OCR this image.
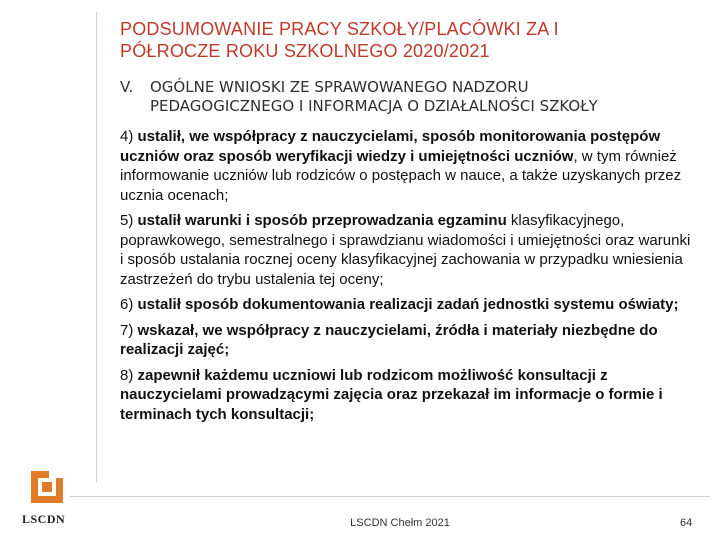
PODSUMOWANIE PRACY SZKOŁY/PLACÓWKI ZA I
PÓŁROCZE ROKU SZKOLNEGO 2020/2021
V.	OGÓLNE WNIOSKI ZE SPRAWOWANEGO NADZORU
PEDAGOGICZNEGO I INFORMACJA O DZIAŁALNOŚCI SZKOŁY
4) ustalił, we współpracy z nauczycielami, sposób monitorowania postępów uczniów oraz sposób weryfikacji wiedzy i umiejętności uczniów, w tym również informowanie uczniów lub rodziców o postępach w nauce, a także uzyskanych przez ucznia ocenach;
5) ustalił warunki i sposób przeprowadzania egzaminu klasyfikacyjnego, poprawkowego, semestralnego i sprawdzianu wiadomości i umiejętności oraz warunki i sposób ustalania rocznej oceny klasyfikacyjnej zachowania w przypadku wniesienia zastrzeżeń do trybu ustalenia tej oceny;
6) ustalił sposób dokumentowania realizacji zadań jednostki systemu oświaty;
7) wskazał, we współpracy z nauczycielami, źródła i materiały niezbędne do realizacji zajęć;
8) zapewnił każdemu uczniowi lub rodzicom możliwość konsultacji z nauczycielami prowadzącymi zajęcia oraz przekazał im informacje o formie i terminach tych konsultacji;
LSCDN	LSCDN Chełm 2021	64
